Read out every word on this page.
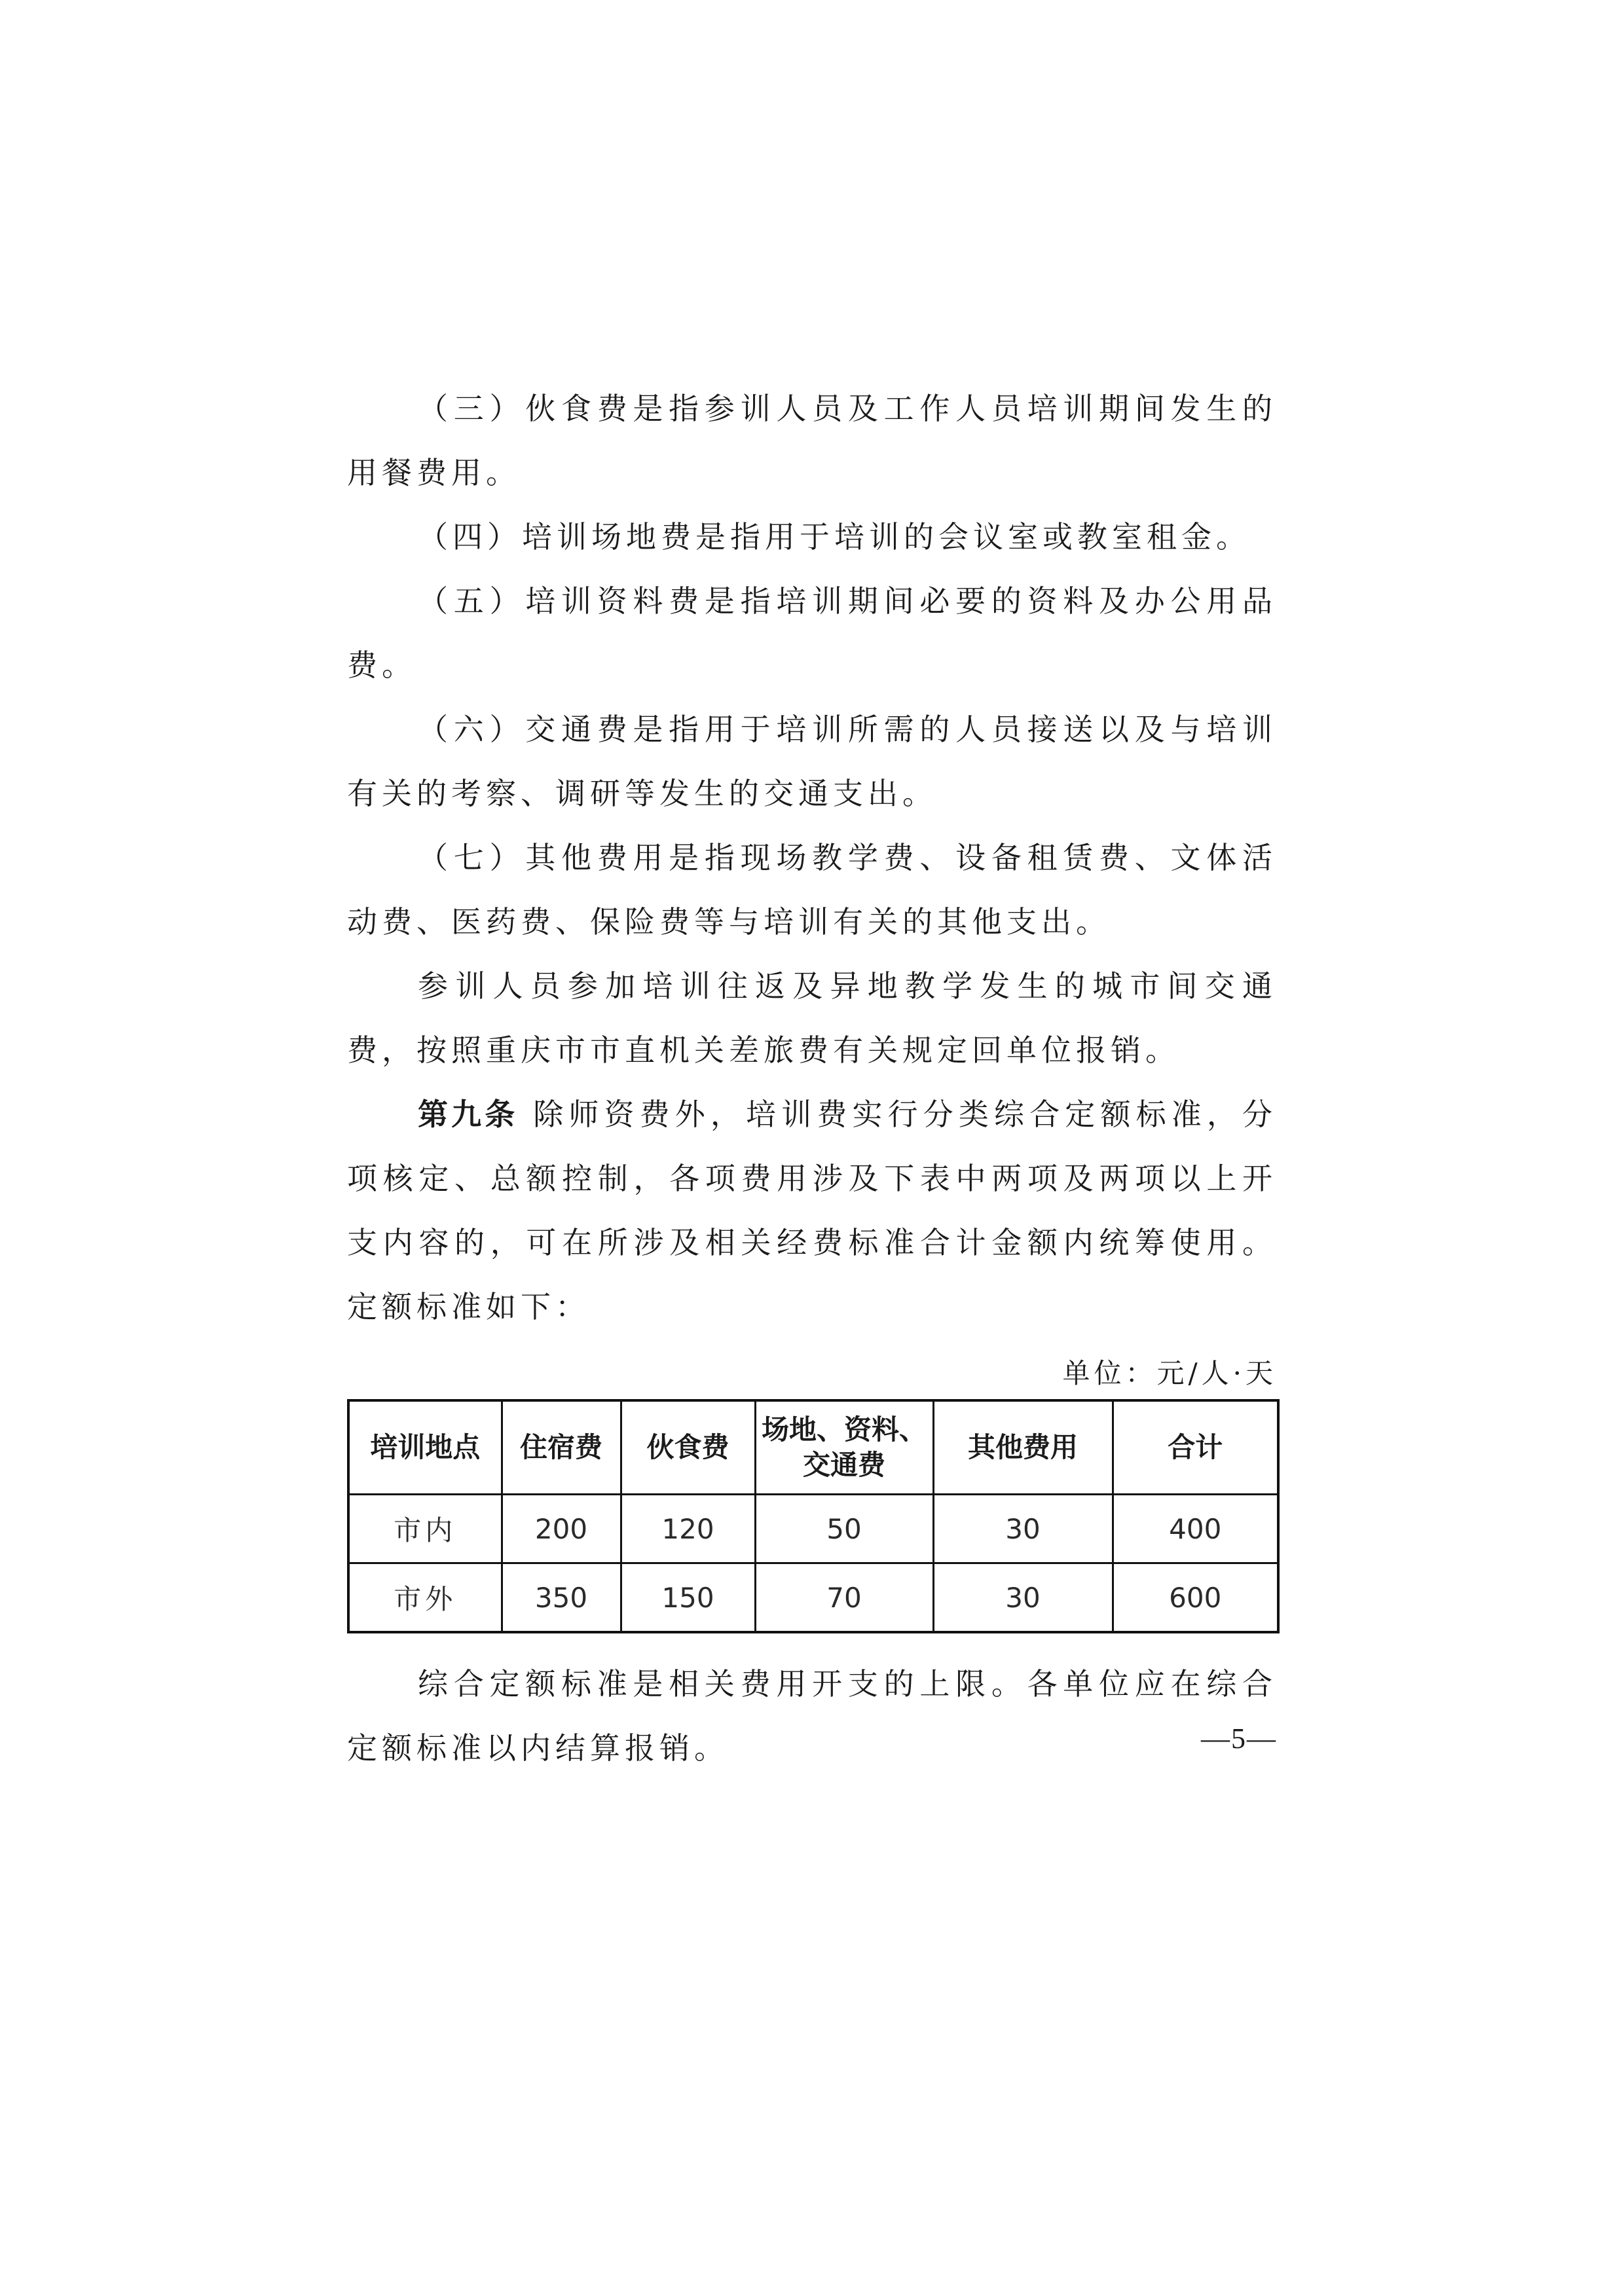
（三）伙食费是指参训人员及工作人员培训期间发生的用餐费用。

（四）培训场地费是指用于培训的会议室或教室租金。

（五）培训资料费是指培训期间必要的资料及办公用品费。

（六）交通费是指用于培训所需的人员接送以及与培训有关的考察、调研等发生的交通支出。

（七）其他费用是指现场教学费、设备租赁费、文体活动费、医药费、保险费等与培训有关的其他支出。

参训人员参加培训往返及异地教学发生的城市间交通费，按照重庆市市直机关差旅费有关规定回单位报销。

第九条 除师资费外，培训费实行分类综合定额标准，分项核定、总额控制，各项费用涉及下表中两项及两项以上开支内容的，可在所涉及相关经费标准合计金额内统筹使用。定额标准如下：

单位：元/人·天
培训地点	住宿费	伙食费	场地、资料、交通费	其他费用	合计
市内	200	120	50	30	400
市外	350	150	70	30	600

综合定额标准是相关费用开支的上限。各单位应在综合定额标准以内结算报销。	—5—
